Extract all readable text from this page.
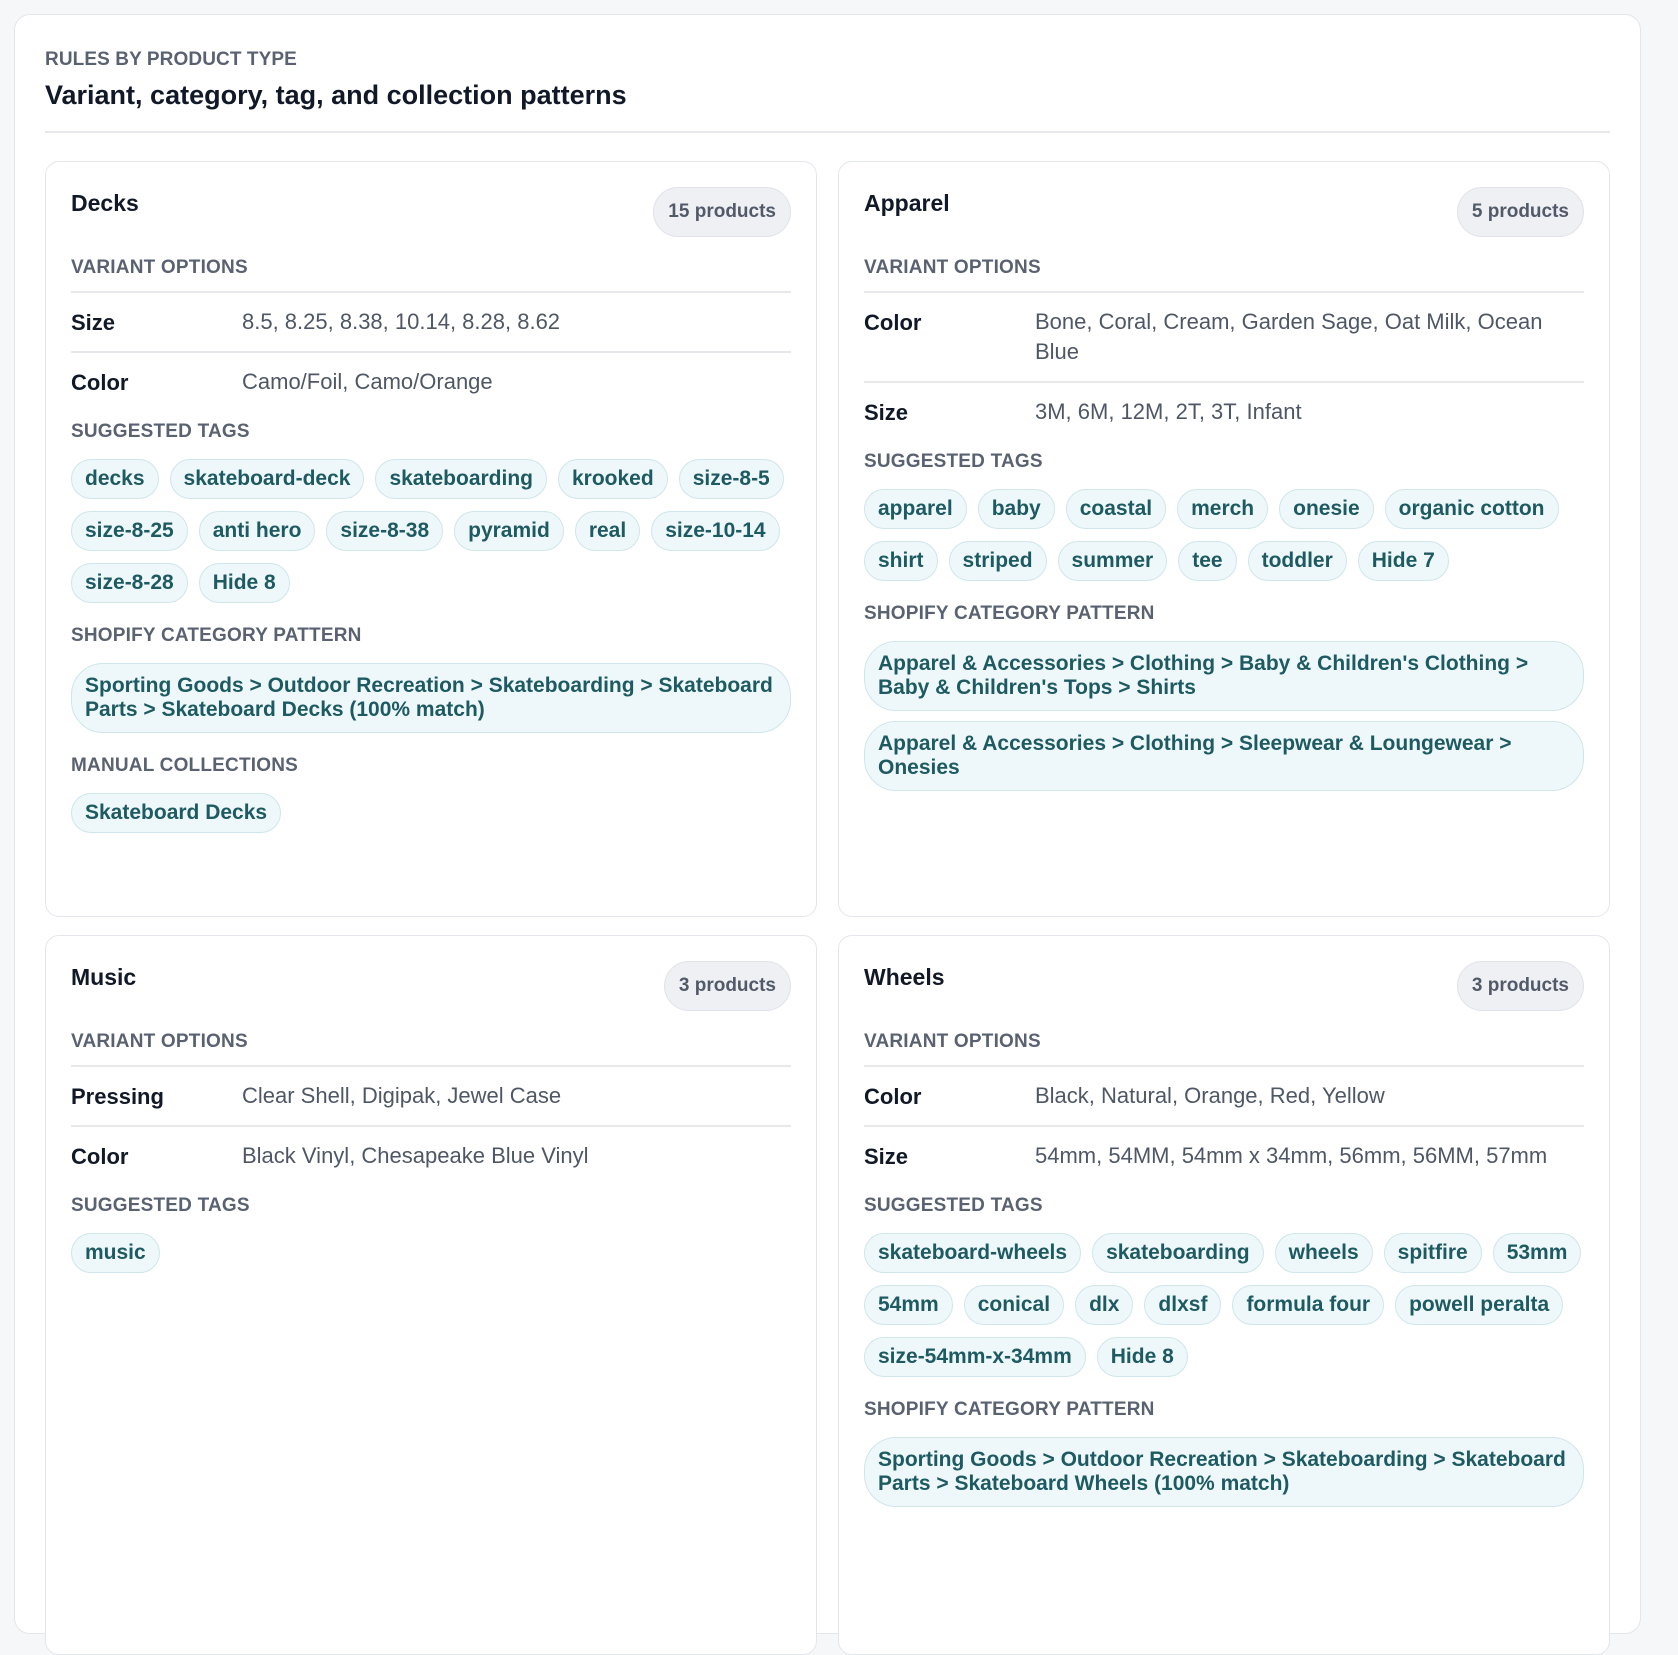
RULES BY PRODUCT TYPE
Variant, category, tag, and collection patterns
Decks	15 products
VARIANT OPTIONS
Size	8.5, 8.25, 8.38, 10.14, 8.28, 8.62
Color	Camo/Foil, Camo/Orange
SUGGESTED TAGS
decks	skateboard-deck	skateboarding	krooked	size-8-5
size-8-25	anti hero	size-8-38	pyramid	real	size-10-14
size-8-28	Hide 8
SHOPIFY CATEGORY PATTERN
Sporting Goods > Outdoor Recreation > Skateboarding > Skateboard Parts > Skateboard Decks (100% match)
MANUAL COLLECTIONS
Skateboard Decks
Apparel	5 products
VARIANT OPTIONS
Color	Bone, Coral, Cream, Garden Sage, Oat Milk, Ocean Blue
Size	3M, 6M, 12M, 2T, 3T, Infant
SUGGESTED TAGS
apparel	baby	coastal	merch	onesie	organic cotton
shirt	striped	summer	tee	toddler	Hide 7
SHOPIFY CATEGORY PATTERN
Apparel & Accessories > Clothing > Baby & Children's Clothing > Baby & Children's Tops > Shirts
Apparel & Accessories > Clothing > Sleepwear & Loungewear > Onesies
Music	3 products
VARIANT OPTIONS
Pressing	Clear Shell, Digipak, Jewel Case
Color	Black Vinyl, Chesapeake Blue Vinyl
SUGGESTED TAGS
music
Wheels	3 products
VARIANT OPTIONS
Color	Black, Natural, Orange, Red, Yellow
Size	54mm, 54MM, 54mm x 34mm, 56mm, 56MM, 57mm
SUGGESTED TAGS
skateboard-wheels	skateboarding	wheels	spitfire	53mm
54mm	conical	dlx	dlxsf	formula four	powell peralta
size-54mm-x-34mm	Hide 8
SHOPIFY CATEGORY PATTERN
Sporting Goods > Outdoor Recreation > Skateboarding > Skateboard Parts > Skateboard Wheels (100% match)
